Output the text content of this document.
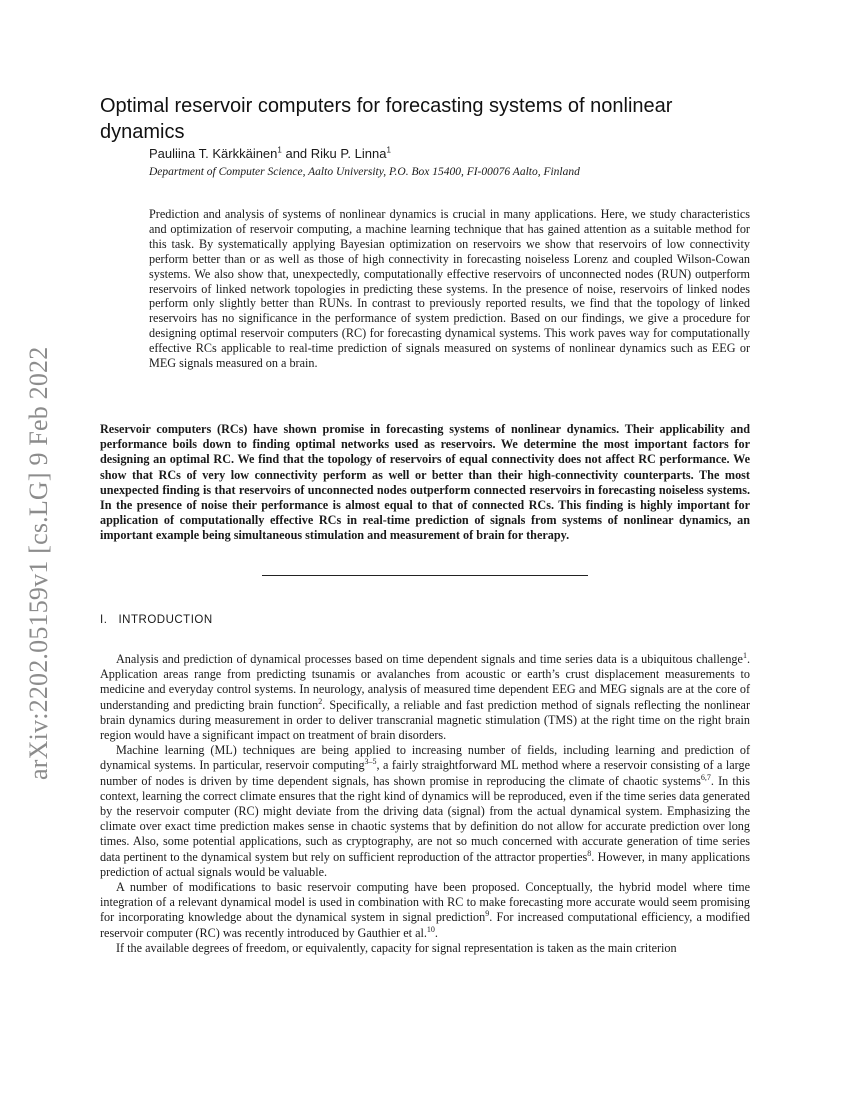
arXiv:2202.05159v1 [cs.LG] 9 Feb 2022
Optimal reservoir computers for forecasting systems of nonlinear dynamics
Pauliina T. Kärkkäinen$^1$ and Riku P. Linna$^1$
Department of Computer Science, Aalto University, P.O. Box 15400, FI-00076 Aalto, Finland

Prediction and analysis of systems of nonlinear dynamics is crucial in many applications. Here, we study characteristics and optimization of reservoir computing, a machine learning technique that has gained attention as a suitable method for this task. By systematically applying Bayesian optimization on reservoirs we show that reservoirs of low connectivity perform better than or as well as those of high connectivity in forecasting noiseless Lorenz and coupled Wilson-Cowan systems. We also show that, unexpectedly, computationally effective reservoirs of unconnected nodes (RUN) outperform reservoirs of linked network topologies in predicting these systems. In the presence of noise, reservoirs of linked nodes perform only slightly better than RUNs. In contrast to previously reported results, we find that the topology of linked reservoirs has no significance in the performance of system prediction. Based on our findings, we give a procedure for designing optimal reservoir computers (RC) for forecasting dynamical systems. This work paves way for computationally effective RCs applicable to real-time prediction of signals measured on systems of nonlinear dynamics such as EEG or MEG signals measured on a brain.

Reservoir computers (RCs) have shown promise in forecasting systems of nonlinear dynamics. Their applicability and performance boils down to finding optimal networks used as reservoirs. We determine the most important factors for designing an optimal RC. We find that the topology of reservoirs of equal connectivity does not affect RC performance. We show that RCs of very low connectivity perform as well or better than their high-connectivity counterparts. The most unexpected finding is that reservoirs of unconnected nodes outperform connected reservoirs in forecasting noiseless systems. In the presence of noise their performance is almost equal to that of connected RCs. This finding is highly important for application of computationally effective RCs in real-time prediction of signals from systems of nonlinear dynamics, an important example being simultaneous stimulation and measurement of brain for therapy.

I. INTRODUCTION

Analysis and prediction of dynamical processes based on time dependent signals and time series data is a ubiquitous challenge$^1$. Application areas range from predicting tsunamis or avalanches from acoustic or earth’s crust displacement measurements to medicine and everyday control systems. In neurology, analysis of measured time dependent EEG and MEG signals are at the core of understanding and predicting brain function$^2$. Specifically, a reliable and fast prediction method of signals reflecting the nonlinear brain dynamics during measurement in order to deliver transcranial magnetic stimulation (TMS) at the right time on the right brain region would have a significant impact on treatment of brain disorders.

Machine learning (ML) techniques are being applied to increasing number of fields, including learning and prediction of dynamical systems. In particular, reservoir computing$^{3-5}$, a fairly straightforward ML method where a reservoir consisting of a large number of nodes is driven by time dependent signals, has shown promise in reproducing the climate of chaotic systems$^{6,7}$. In this context, learning the correct climate ensures that the right kind of dynamics will be reproduced, even if the time series data generated by the reservoir computer (RC) might deviate from the driving data (signal) from the actual dynamical system. Emphasizing the climate over exact time prediction makes sense in chaotic systems that by definition do not allow for accurate prediction over long times. Also, some potential applications, such as cryptography, are not so much concerned with accurate generation of time series data pertinent to the dynamical system but rely on sufficient reproduction of the attractor properties$^8$. However, in many applications prediction of actual signals would be valuable.

A number of modifications to basic reservoir computing have been proposed. Conceptually, the hybrid model where time integration of a relevant dynamical model is used in combination with RC to make forecasting more accurate would seem promising for incorporating knowledge about the dynamical system in signal prediction$^9$. For increased computational efficiency, a modified reservoir computer (RC) was recently introduced by Gauthier et al.$^{10}$.

If the available degrees of freedom, or equivalently, capacity for signal representation is taken as the main criterion
